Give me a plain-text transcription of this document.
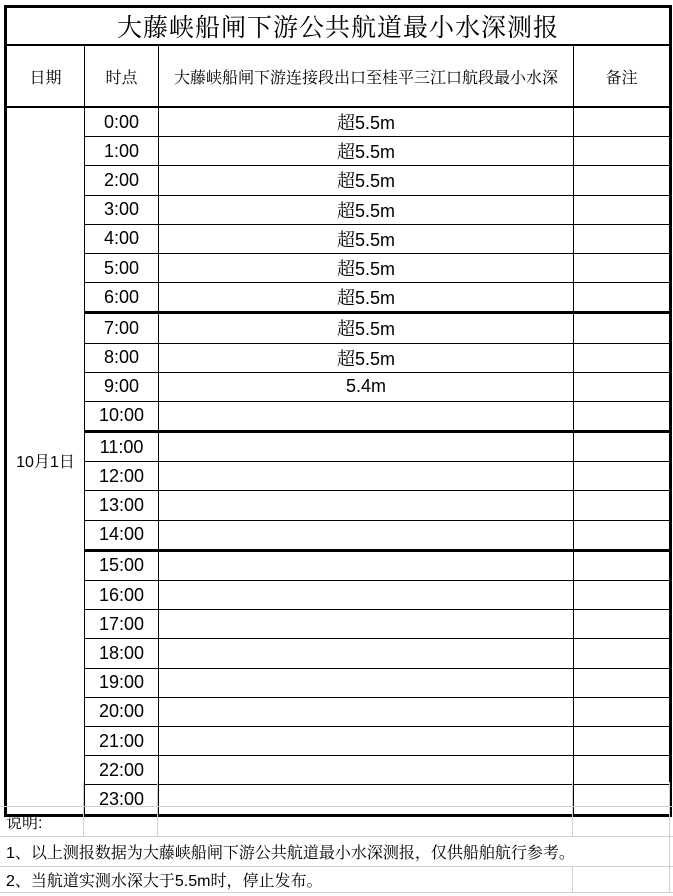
大藤峡船闸下游公共航道最小水深测报			
日期	时点	大藤峡船闸下游连接段出口至桂平三江口航段最小水深	备注
10月1日	0:00	超5.5m	
	1:00	超5.5m	
	2:00	超5.5m	
	3:00	超5.5m	
	4:00	超5.5m	
	5:00	超5.5m	
	6:00	超5.5m	
	7:00	超5.5m	
	8:00	超5.5m	
	9:00	5.4m	
	10:00		
	11:00		
	12:00		
	13:00		
	14:00		
	15:00		
	16:00		
	17:00		
	18:00		
	19:00		
	20:00		
	21:00		
	22:00		
	23:00		
说明:
1、以上测报数据为大藤峡船闸下游公共航道最小水深测报，仅供船舶航行参考。
2、当航道实测水深大于5.5m时，停止发布。
